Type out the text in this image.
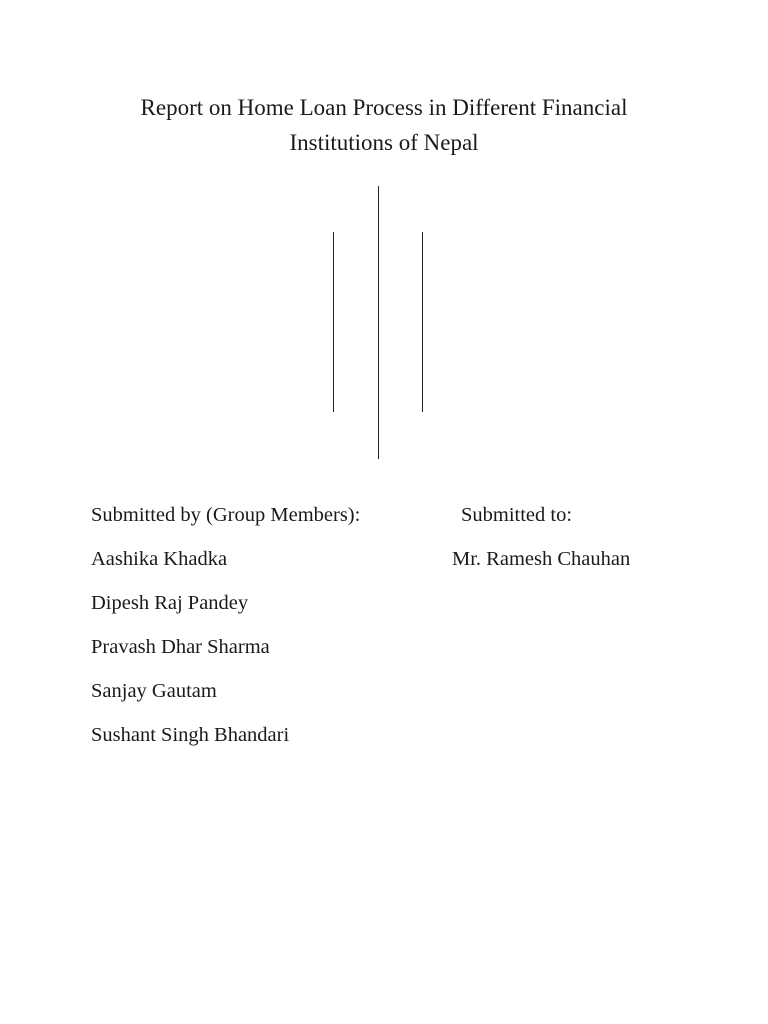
Report on Home Loan Process in Different Financial
Institutions of Nepal
Submitted by (Group Members):
Aashika Khadka
Dipesh Raj Pandey
Pravash Dhar Sharma
Sanjay Gautam
Sushant Singh Bhandari
Submitted to:
Mr. Ramesh Chauhan
